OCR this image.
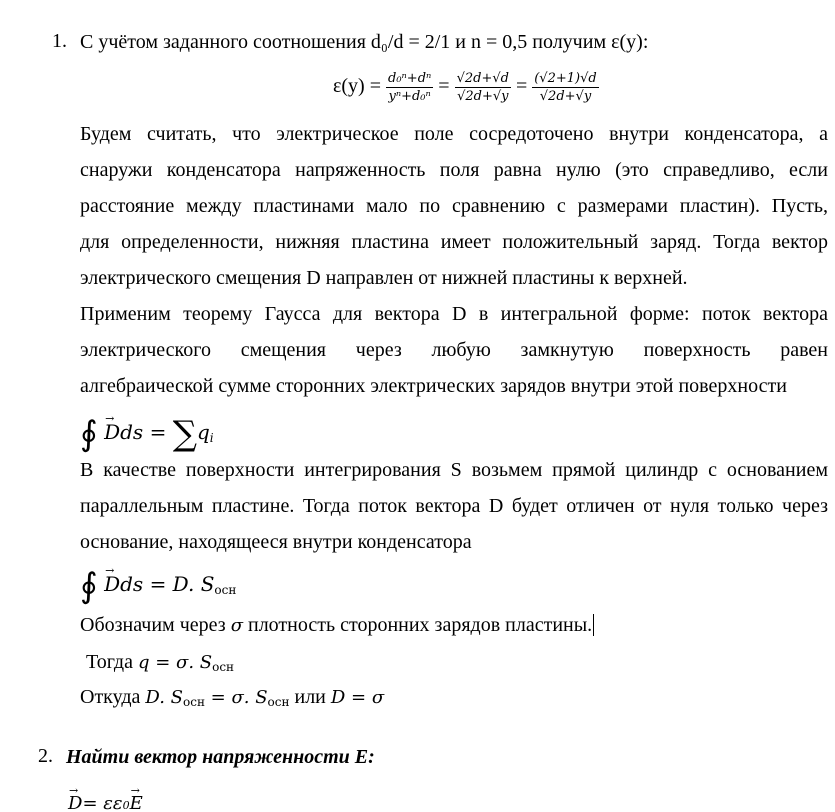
1. С учётом заданного соотношения d₀/d = 2/1 и n = 0,5 получим ε(y):
$\varepsilon(y) = \frac{\text{d₀ⁿ+dⁿ}}{\text{yⁿ+d₀ⁿ}} = \frac{√2d+√d}{√2d+√y} = \frac{(√2+1)√d}{√2d+√y}$
Будем считать, что электрическое поле сосредоточено внутри конденсатора, а
снаружи конденсатора напряженность поля равна нулю (это справедливо, если
расстояние между пластинами мало по сравнению с размерами пластин). Пусть,
для определенности, нижняя пластина имеет положительный заряд. Тогда вектор
электрического смещения D направлен от нижней пластины к верхней.
Применим теорему Гаусса для вектора D в интегральной форме: поток вектора
электрического смещения через любую замкнутую поверхность равен
алгебраической сумме сторонних электрических зарядов внутри этой поверхности
∮ → Dds = ∑qi
В качестве поверхности интегрирования S возьмем прямой цилиндр с основанием
параллельным пластине. Тогда поток вектора D будет отличен от нуля только через
основание, находящееся внутри конденсатора
∮ → Dds = D. Sосн
Обозначим через σ плотность сторонних зарядов пластины.
Тогда q = σ. Sосн
Откуда D. Sосн = σ. Sосн или D = σ
2. Найти вектор напряженности E:
→ D= εε0→ E
